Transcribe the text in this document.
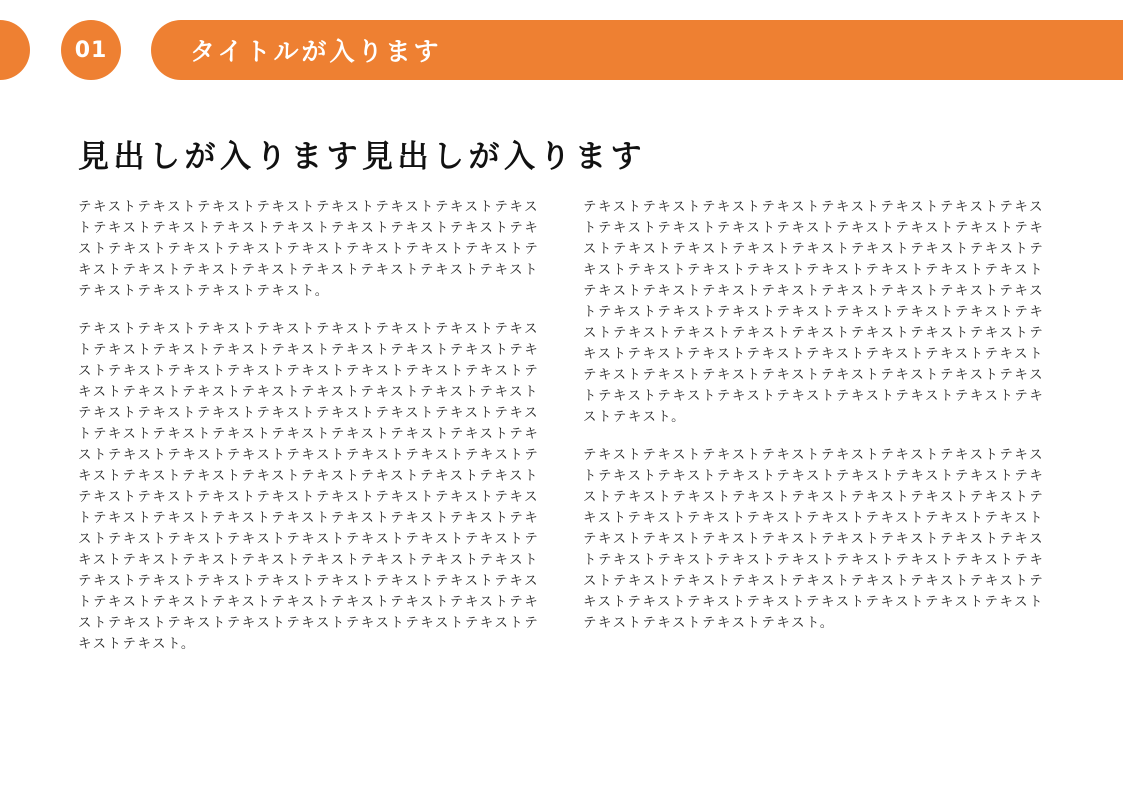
01	タイトルが入ります
見出しが入ります見出しが入ります

テキストテキストテキストテキストテキストテキストテキストテキストテキストテキストテキストテキストテキストテキストテキストテキストテキストテキストテキストテキストテキストテキストテキストテキストテキストテキストテキストテキストテキストテキストテキストテキストテキストテキストテキスト。

テキストテキストテキストテキストテキストテキストテキストテキストテキストテキストテキストテキストテキストテキストテキストテキストテキストテキストテキストテキストテキストテキストテキストテキストテキストテキストテキストテキストテキストテキストテキストテキストテキストテキストテキストテキストテキストテキストテキストテキストテキストテキストテキストテキストテキストテキストテキストテキストテキストテキストテキストテキストテキストテキストテキストテキストテキストテキストテキストテキストテキストテキストテキストテキストテキストテキストテキストテキストテキストテキストテキストテキストテキストテキストテキストテキストテキストテキストテキストテキストテキストテキストテキストテキストテキストテキストテキストテキストテキストテキストテキストテキストテキストテキストテキストテキストテキストテキストテキストテキストテキストテキストテキストテキストテキストテキストテキストテキストテキストテキストテキストテキストテキストテキストテキストテキストテキストテキスト。

テキストテキストテキストテキストテキストテキストテキストテキストテキストテキストテキストテキストテキストテキストテキストテキストテキストテキストテキストテキストテキストテキストテキストテキストテキストテキストテキストテキストテキストテキストテキストテキストテキストテキストテキストテキストテキストテキストテキストテキストテキストテキストテキストテキストテキストテキストテキストテキストテキストテキストテキストテキストテキストテキストテキストテキストテキストテキストテキストテキストテキストテキストテキストテキストテキストテキストテキストテキストテキストテキストテキストテキストテキストテキストテキストテキストテキストテキストテキスト。

テキストテキストテキストテキストテキストテキストテキストテキストテキストテキストテキストテキストテキストテキストテキストテキストテキストテキストテキストテキストテキストテキストテキストテキストテキストテキストテキストテキストテキストテキストテキストテキストテキストテキストテキストテキストテキストテキストテキストテキストテキストテキストテキストテキストテキストテキストテキストテキストテキストテキストテキストテキストテキストテキストテキストテキストテキストテキストテキストテキストテキストテキストテキストテキストテキストテキスト。
